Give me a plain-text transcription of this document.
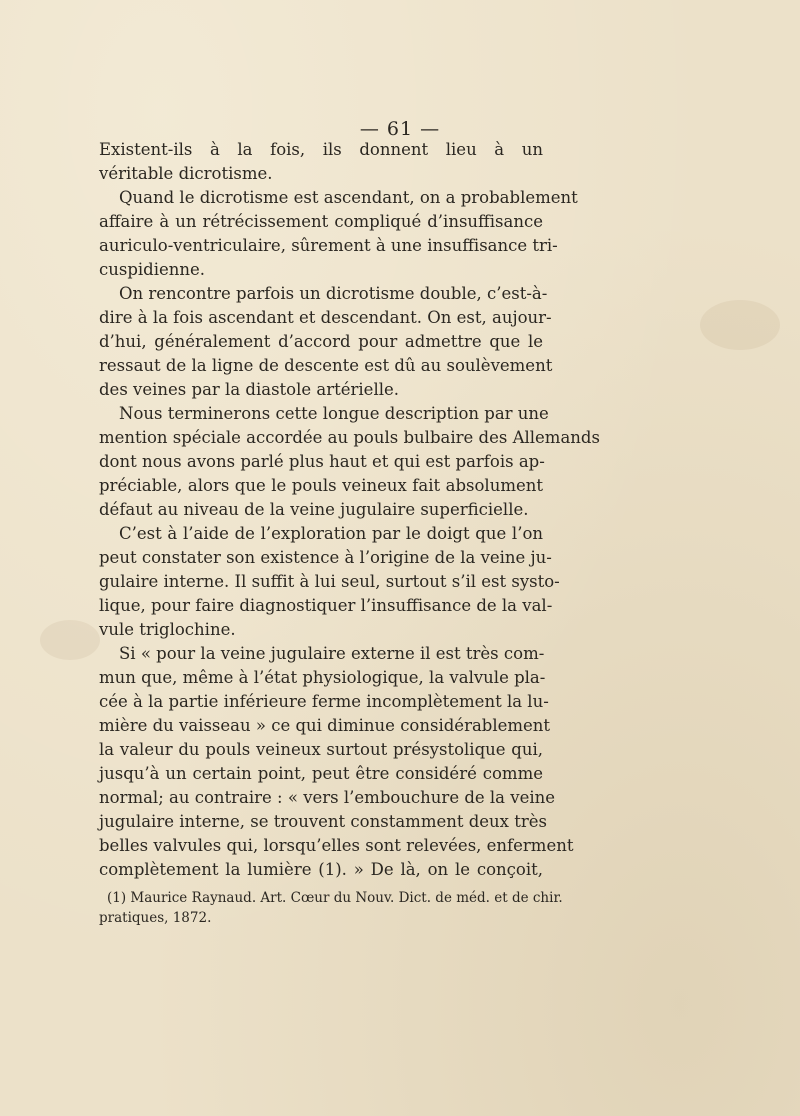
— 61 —
Existent-ils à la fois, ils donnent lieu à un
véritable dicrotisme.
Quand le dicrotisme est ascendant, on a probablement
affaire à un rétrécissement compliqué d’insuffisance
auriculo-ventriculaire, sûrement à une insuffisance tri-
cuspidienne.
On rencontre parfois un dicrotisme double, c’est-à-
dire à la fois ascendant et descendant. On est, aujour-
d’hui, généralement d’accord pour admettre que le
ressaut de la ligne de descente est dû au soulèvement
des veines par la diastole artérielle.
Nous terminerons cette longue description par une
mention spéciale accordée au pouls bulbaire des Allemands
dont nous avons parlé plus haut et qui est parfois ap-
préciable, alors que le pouls veineux fait absolument
défaut au niveau de la veine jugulaire superficielle.
C’est à l’aide de l’exploration par le doigt que l’on
peut constater son existence à l’origine de la veine ju-
gulaire interne. Il suffit à lui seul, surtout s’il est systo-
lique, pour faire diagnostiquer l’insuffisance de la val-
vule triglochine.
Si « pour la veine jugulaire externe il est très com-
mun que, même à l’état physiologique, la valvule pla-
cée à la partie inférieure ferme incomplètement la lu-
mière du vaisseau » ce qui diminue considérablement
la valeur du pouls veineux surtout présystolique qui,
jusqu’à un certain point, peut être considéré comme
normal; au contraire : « vers l’embouchure de la veine
jugulaire interne, se trouvent constamment deux très
belles valvules qui, lorsqu’elles sont relevées, enferment
complètement la lumière (1). » De là, on le conçoit,
(1) Maurice Raynaud. Art. Cœur du Nouv. Dict. de méd. et de chir.
pratiques, 1872.
